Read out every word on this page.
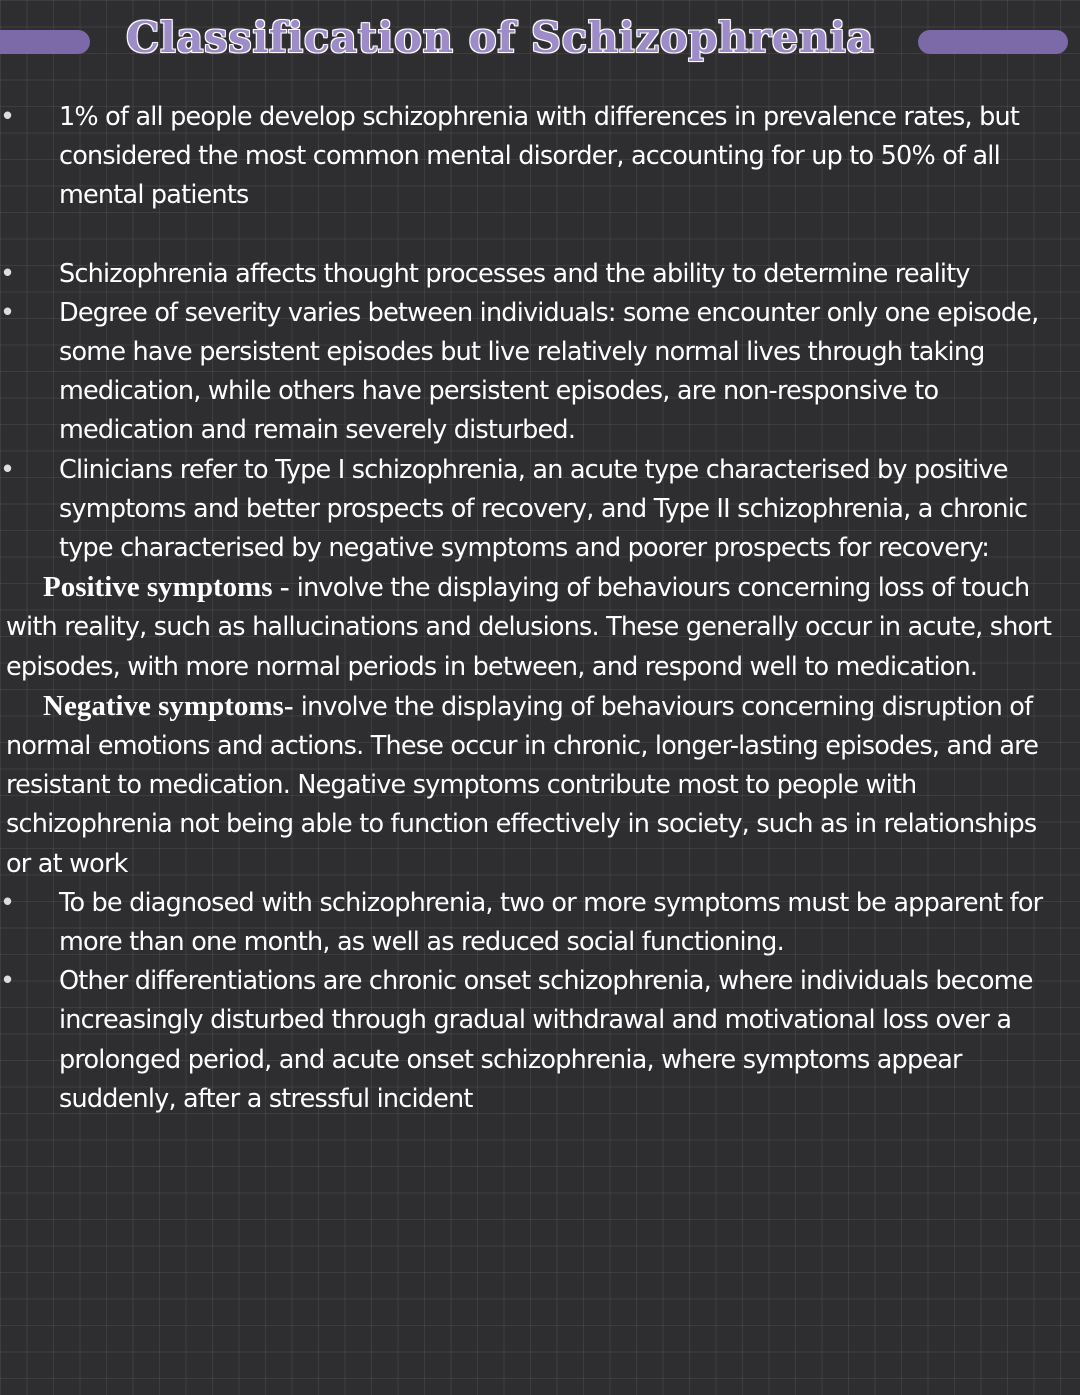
Classification of Schizophrenia
• 1% of all people develop schizophrenia with differences in prevalence rates, but considered the most common mental disorder, accounting for up to 50% of all mental patients
• Schizophrenia affects thought processes and the ability to determine reality
• Degree of severity varies between individuals: some encounter only one episode, some have persistent episodes but live relatively normal lives through taking medication, while others have persistent episodes, are non-responsive to medication and remain severely disturbed.
• Clinicians refer to Type I schizophrenia, an acute type characterised by positive symptoms and better prospects of recovery, and Type II schizophrenia, a chronic type characterised by negative symptoms and poorer prospects for recovery:
Positive symptoms - involve the displaying of behaviours concerning loss of touch with reality, such as hallucinations and delusions. These generally occur in acute, short episodes, with more normal periods in between, and respond well to medication.
Negative symptoms- involve the displaying of behaviours concerning disruption of normal emotions and actions. These occur in chronic, longer-lasting episodes, and are resistant to medication. Negative symptoms contribute most to people with schizophrenia not being able to function effectively in society, such as in relationships or at work
• To be diagnosed with schizophrenia, two or more symptoms must be apparent for more than one month, as well as reduced social functioning.
• Other differentiations are chronic onset schizophrenia, where individuals become increasingly disturbed through gradual withdrawal and motivational loss over a prolonged period, and acute onset schizophrenia, where symptoms appear suddenly, after a stressful incident
